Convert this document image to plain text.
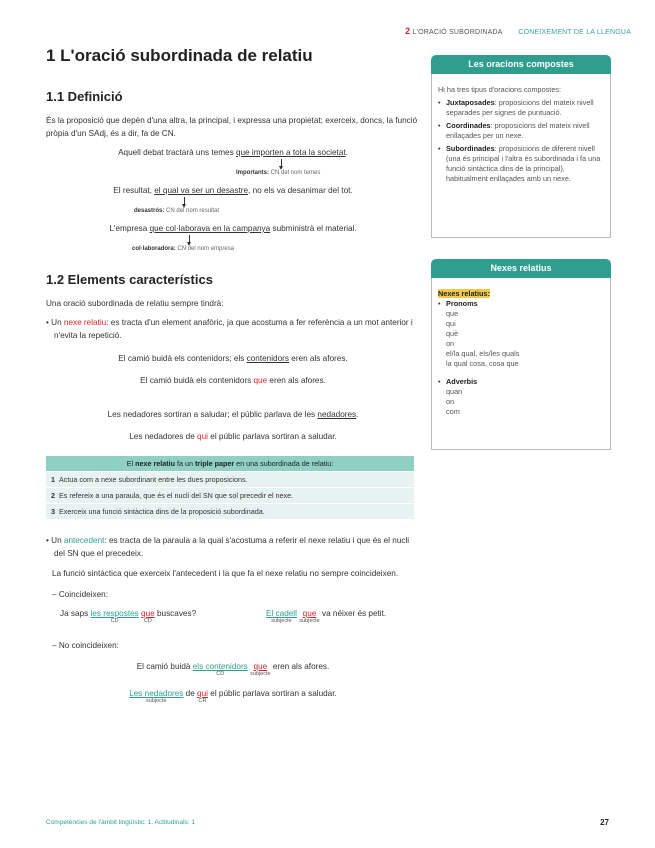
2 L'ORACIÓ SUBORDINADA CONEIXEMENT DE LA LLENGUA
1 L'oració subordinada de relatiu
1.1 Definició

És la proposició que depèn d'una altra, la principal, i expressa una propietat; exerceix, doncs, la funció pròpia d'un SAdj, és a dir, fa de CN.

Aquell debat tractarà uns temes que importen a tota la societat.
Importants: CN del nom temes
El resultat, el qual va ser un desastre, no els va desanimar del tot.
desastrós: CN del nom resultat
L'empresa que col·laborava en la campanya subministrà el material.
col·laboradora: CN del nom empresa
1.2 Elements característics

Una oració subordinada de relatiu sempre tindrà:

• Un nexe relatiu: es tracta d'un element anafòric, ja que acostuma a fer referència a un mot anterior i n'evita la repetició.

El camió buidà els contenidors; els contenidors eren als afores.
El camió buidà els contenidors que eren als afores.
Les nedadores sortiran a saludar; el públic parlava de les nedadores.
Les nedadores de qui el públic parlava sortiran a saludar.
El nexe relatiu fa un triple paper en una subordinada de relatiu:
1 Actua com a nexe subordinant entre les dues proposicions.
2 Es refereix a una paraula, que és el nucli del SN que sol precedir el nexe.
3 Exerceix una funció sintàctica dins de la proposició subordinada.

• Un antecedent: es tracta de la paraula a la qual s'acostuma a referir el nexe relatiu i que és el nucli del SN que el precedeix.

La funció sintàctica que exerceix l'antecedent i la que fa el nexe relatiu no sempre coincideixen.

– Coincideixen:

Ja saps les respostes
CD
que
CD
buscaves?	El cadell
subjecte
que
subjecte
va néixer és petit.

– No coincideixen:

El camió buidà els contenidors
CD
que
subjecte
eren als afores.
Les nedadores
subjecte
de qui
CR
el públic parlava sortiran a saludar.
Les oracions compostes
Hi ha tres tipus d'oracions compostes:
• Juxtaposades: proposicions del mateix nivell separades per signes de puntuació.
• Coordinades: proposicions del mateix nivell enllaçades per un nexe.
• Subordinades: proposicions de diferent nivell (una és principal i l'altra és subordinada i fa una funció sintàctica dins de la principal), habitualment enllaçades amb un nexe.
Nexes relatius
Nexes relatius:
• Pronoms
que
qui
què
on
el/la qual, els/les quals
la qual cosa, cosa que
• Adverbis
quan
on
com
Competències de l'àmbit lingüístic: 1. Actitudinals: 1	27
